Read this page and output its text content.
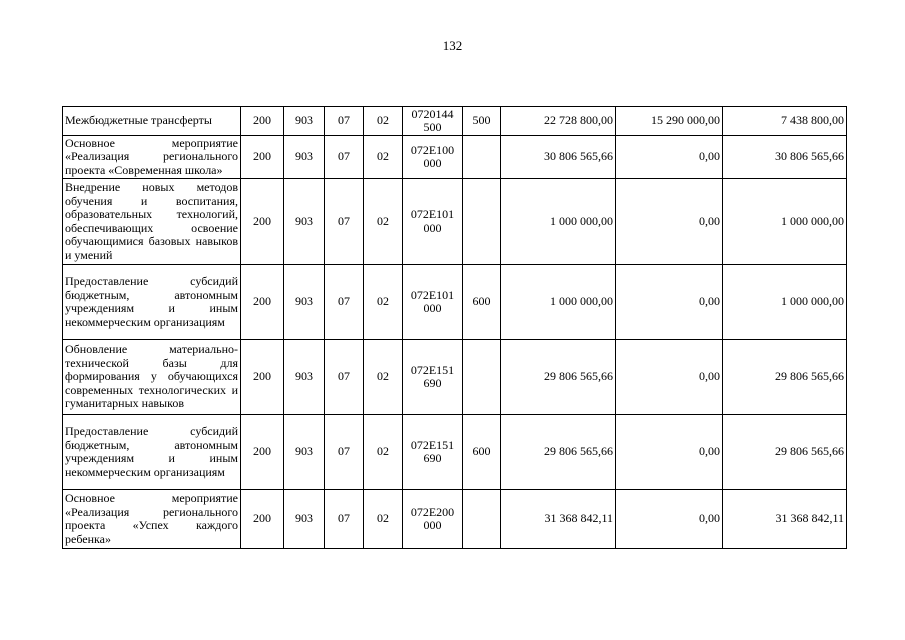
132
Межбюджетные трансферты	200	903	07	02	0720144 500	500	22 728 800,00	15 290 000,00	7 438 800,00
Основное мероприятие «Реализация регионального проекта «Современная школа»	200	903	07	02	072E100 000		30 806 565,66	0,00	30 806 565,66
Внедрение новых методов обучения и воспитания, образовательных технологий, обеспечивающих освоение обучающимися базовых навыков и умений	200	903	07	02	072E101 000		1 000 000,00	0,00	1 000 000,00
Предоставление субсидий бюджетным, автономным учреждениям и иным некоммерческим организациям	200	903	07	02	072E101 000	600	1 000 000,00	0,00	1 000 000,00
Обновление материально-технической базы для формирования у обучающихся современных технологических и гуманитарных навыков	200	903	07	02	072E151 690		29 806 565,66	0,00	29 806 565,66
Предоставление субсидий бюджетным, автономным учреждениям и иным некоммерческим организациям	200	903	07	02	072E151 690	600	29 806 565,66	0,00	29 806 565,66
Основное мероприятие «Реализация регионального проекта «Успех каждого ребенка»	200	903	07	02	072E200 000		31 368 842,11	0,00	31 368 842,11
